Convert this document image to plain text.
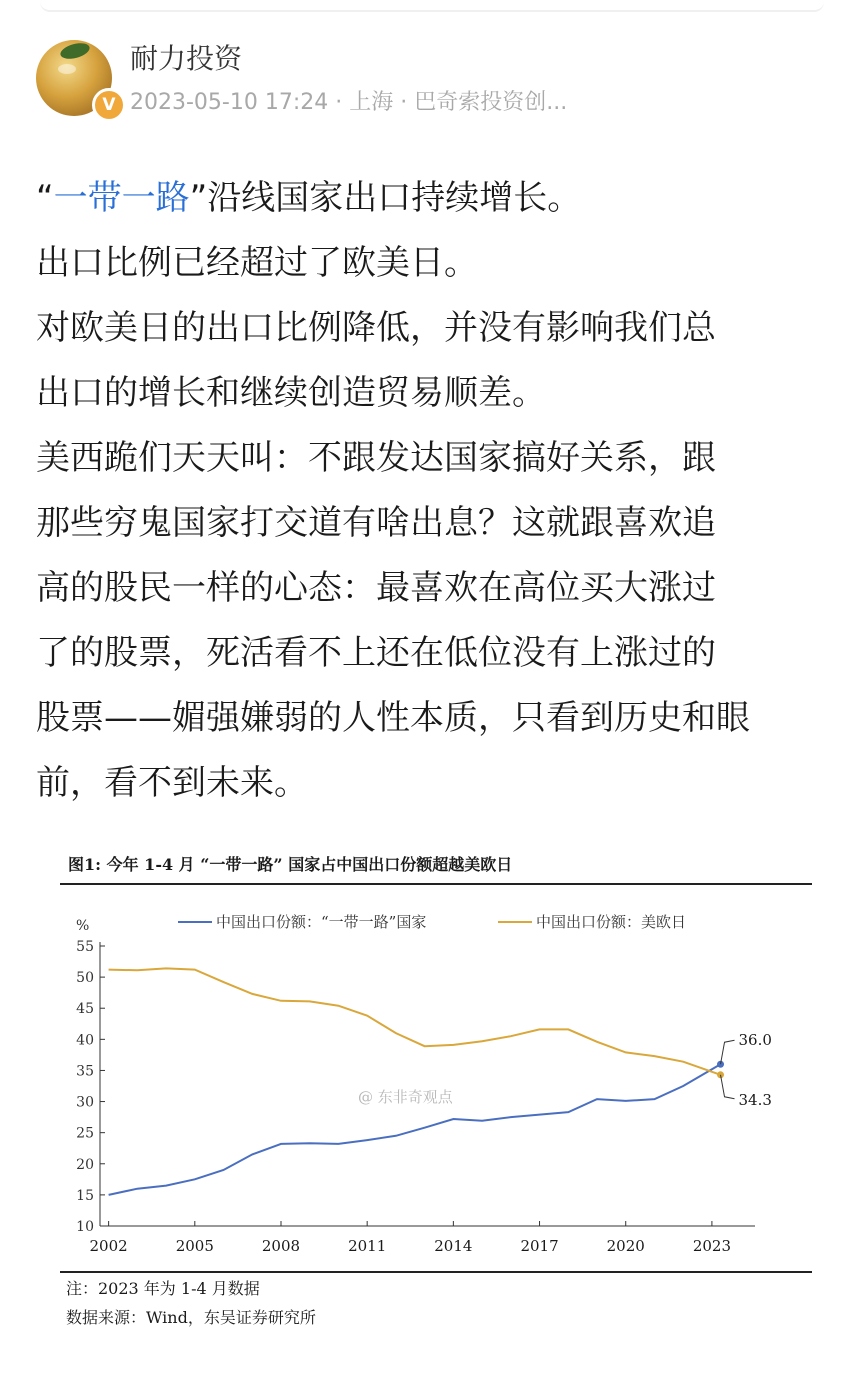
V
耐力投资
2023-05-10 17:24 · 上海 · 巴奇索投资创...
“一带一路”沿线国家出口持续增长。
出口比例已经超过了欧美日。
对欧美日的出口比例降低，并没有影响我们总
出口的增长和继续创造贸易顺差。
美西跪们天天叫：不跟发达国家搞好关系，跟
那些穷鬼国家打交道有啥出息？这就跟喜欢追
高的股民一样的心态：最喜欢在高位买大涨过
了的股票，死活看不上还在低位没有上涨过的
股票——媚强嫌弱的人性本质，只看到历史和眼
前，看不到未来。
图1: 今年 1-4 月 “一带一路” 国家占中国出口份额超越美欧日
%	中国出口份额：“一带一路”国家	中国出口份额：美欧日
10
15
20
25
30
35
40
45
50
55
2002	2005	2008	2011	2014	2017	2020	2023
@ 东非奇观点
36.0
34.3
注：2023 年为 1-4 月数据
数据来源：Wind，东吴证券研究所
